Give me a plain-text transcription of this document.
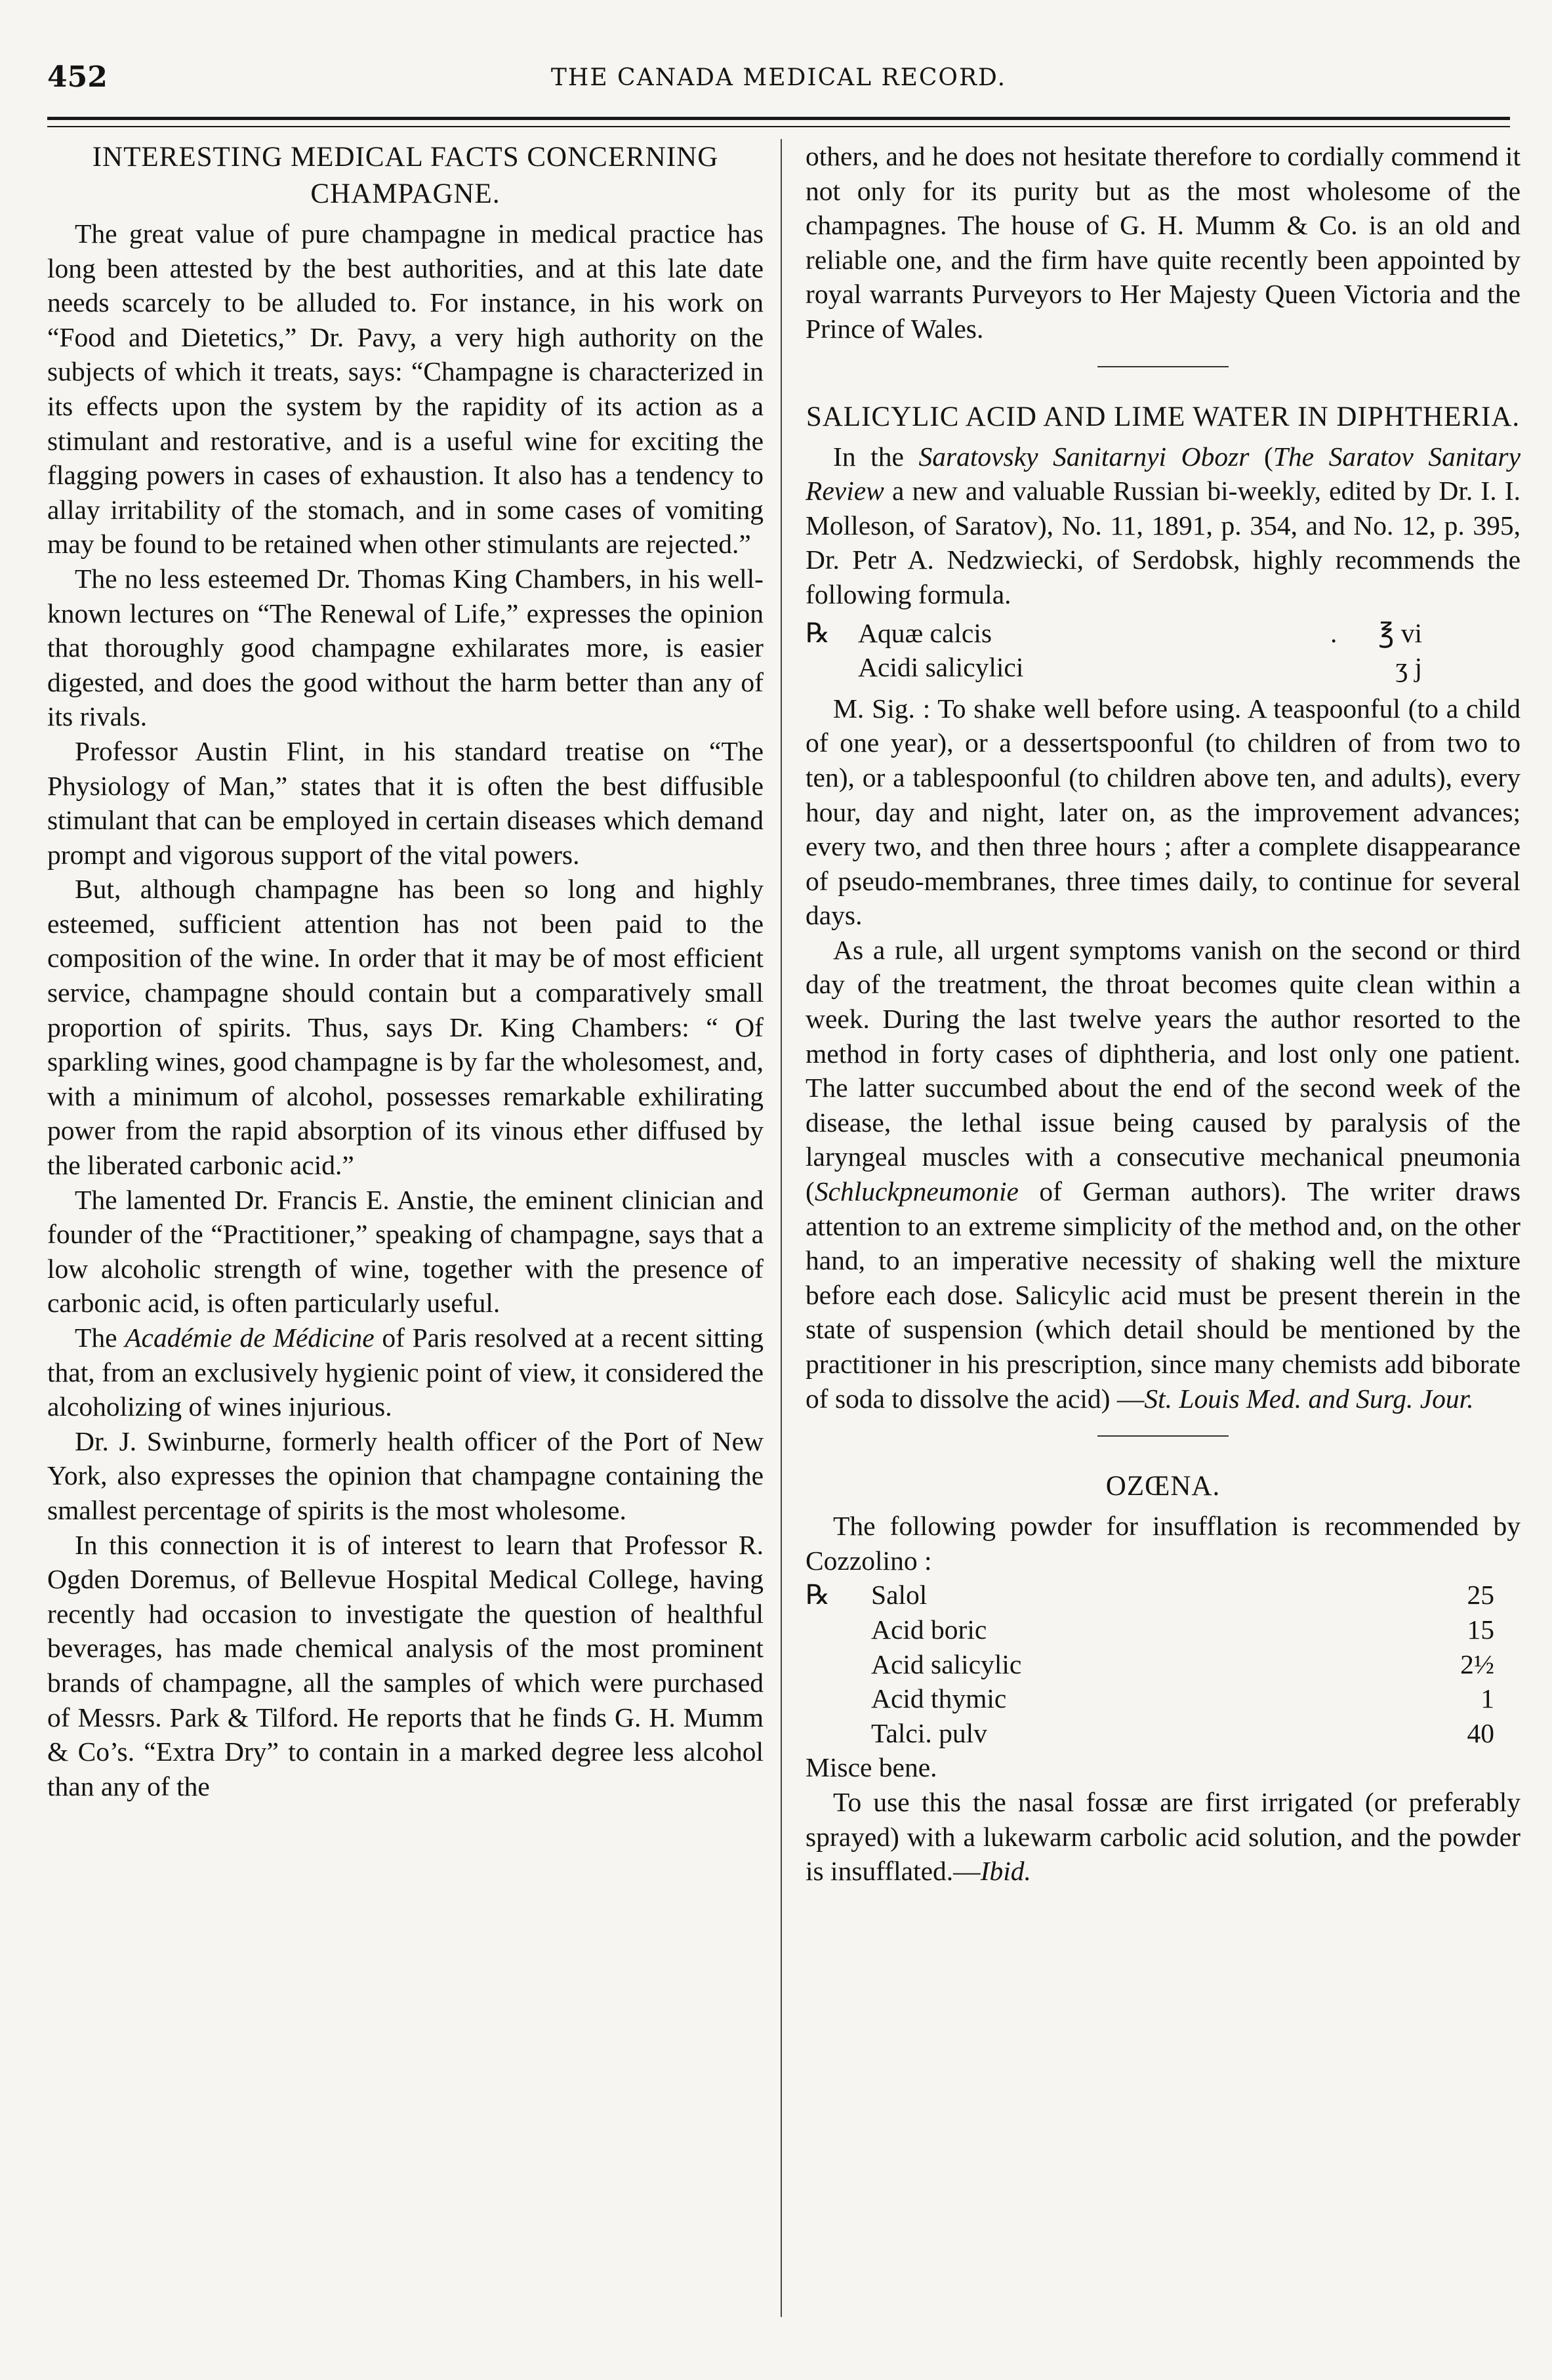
452	THE CANADA MEDICAL RECORD.
INTERESTING MEDICAL FACTS CONCERNING CHAMPAGNE.

The great value of pure champagne in medical practice has long been attested by the best authorities, and at this late date needs scarcely to be alluded to. For instance, in his work on “Food and Dietetics,” Dr. Pavy, a very high authority on the subjects of which it treats, says: “Champagne is characterized in its effects upon the system by the rapidity of its action as a stimulant and restorative, and is a useful wine for exciting the flagging powers in cases of exhaustion. It also has a tendency to allay irritability of the stomach, and in some cases of vomiting may be found to be retained when other stimulants are rejected.”

The no less esteemed Dr. Thomas King Chambers, in his well-known lectures on “The Renewal of Life,” expresses the opinion that thoroughly good champagne exhilarates more, is easier digested, and does the good without the harm better than any of its rivals.

Professor Austin Flint, in his standard treatise on “The Physiology of Man,” states that it is often the best diffusible stimulant that can be employed in certain diseases which demand prompt and vigorous support of the vital powers.

But, although champagne has been so long and highly esteemed, sufficient attention has not been paid to the composition of the wine. In order that it may be of most efficient service, champagne should contain but a comparatively small proportion of spirits. Thus, says Dr. King Chambers: “ Of sparkling wines, good champagne is by far the wholesomest, and, with a minimum of alcohol, possesses remarkable exhilirating power from the rapid absorption of its vinous ether diffused by the liberated carbonic acid.”

The lamented Dr. Francis E. Anstie, the eminent clinician and founder of the “Practitioner,” speaking of champagne, says that a low alcoholic strength of wine, together with the presence of carbonic acid, is often particularly useful.

The Académie de Médicine of Paris resolved at a recent sitting that, from an exclusively hygienic point of view, it considered the alcoholizing of wines injurious.

Dr. J. Swinburne, formerly health officer of the Port of New York, also expresses the opinion that champagne containing the smallest percentage of spirits is the most wholesome.

In this connection it is of interest to learn that Professor R. Ogden Doremus, of Bellevue Hospital Medical College, having recently had occasion to investigate the question of healthful beverages, has made chemical analysis of the most prominent brands of champagne, all the samples of which were purchased of Messrs. Park & Tilford. He reports that he finds G. H. Mumm & Co’s. “Extra Dry” to contain in a marked degree less alcohol than any of the

others, and he does not hesitate therefore to cordially commend it not only for its purity but as the most wholesome of the champagnes. The house of G. H. Mumm & Co. is an old and reliable one, and the firm have quite recently been appointed by royal warrants Purveyors to Her Majesty Queen Victoria and the Prince of Wales.

SALICYLIC ACID AND LIME WATER IN DIPHTHERIA.

In the Saratovsky Sanitarnyi Obozr (The Saratov Sanitary Review a new and valuable Russian bi-weekly, edited by Dr. I. I. Molleson, of Saratov), No. 11, 1891, p. 354, and No. 12, p. 395, Dr. Petr A. Nedzwiecki, of Serdobsk, highly recommends the following formula.

℞	Aquæ calcis	.	℥ vi
Acidi salicylici	ʒ j

M. Sig. : To shake well before using. A teaspoonful (to a child of one year), or a dessertspoonful (to children of from two to ten), or a tablespoonful (to children above ten, and adults), every hour, day and night, later on, as the improvement advances; every two, and then three hours ; after a complete disappearance of pseudo-membranes, three times daily, to continue for several days.

As a rule, all urgent symptoms vanish on the second or third day of the treatment, the throat becomes quite clean within a week. During the last twelve years the author resorted to the method in forty cases of diphtheria, and lost only one patient. The latter succumbed about the end of the second week of the disease, the lethal issue being caused by paralysis of the laryngeal muscles with a consecutive mechanical pneumonia (Schluckpneumonie of German authors). The writer draws attention to an extreme simplicity of the method and, on the other hand, to an imperative necessity of shaking well the mixture before each dose. Salicylic acid must be present therein in the state of suspension (which detail should be mentioned by the practitioner in his prescription, since many chemists add biborate of soda to dissolve the acid) —St. Louis Med. and Surg. Jour.

OZŒNA.

The following powder for insufflation is recommended by Cozzolino :

℞	Salol	25
Acid boric	15
Acid salicylic	2½
Acid thymic	1
Talci. pulv	40

Misce bene.

To use this the nasal fossæ are first irrigated (or preferably sprayed) with a lukewarm carbolic acid solution, and the powder is insufflated.—Ibid.
